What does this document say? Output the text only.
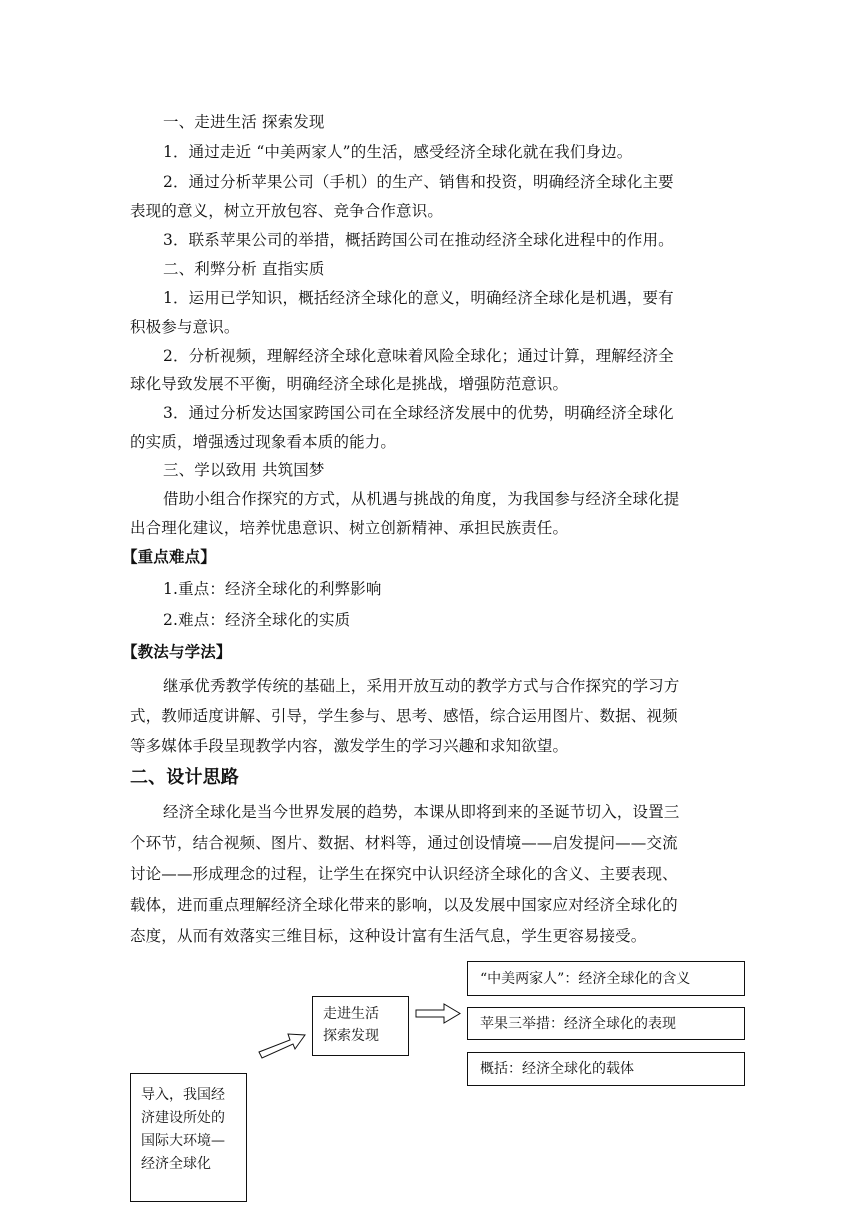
一、走进生活 探索发现
1．通过走近 “中美两家人”的生活，感受经济全球化就在我们身边。
2．通过分析苹果公司（手机）的生产、销售和投资，明确经济全球化主要
表现的意义，树立开放包容、竞争合作意识。
3．联系苹果公司的举措，概括跨国公司在推动经济全球化进程中的作用。
二、利弊分析 直指实质
1．运用已学知识，概括经济全球化的意义，明确经济全球化是机遇，要有
积极参与意识。
2．分析视频，理解经济全球化意味着风险全球化；通过计算，理解经济全
球化导致发展不平衡，明确经济全球化是挑战，增强防范意识。
3．通过分析发达国家跨国公司在全球经济发展中的优势，明确经济全球化
的实质，增强透过现象看本质的能力。
三、学以致用 共筑国梦
借助小组合作探究的方式，从机遇与挑战的角度，为我国参与经济全球化提
出合理化建议，培养忧患意识、树立创新精神、承担民族责任。
【重点难点】
1.重点：经济全球化的利弊影响
2.难点：经济全球化的实质
【教法与学法】
继承优秀教学传统的基础上，采用开放互动的教学方式与合作探究的学习方
式，教师适度讲解、引导，学生参与、思考、感悟，综合运用图片、数据、视频
等多媒体手段呈现教学内容，激发学生的学习兴趣和求知欲望。
二、设计思路
经济全球化是当今世界发展的趋势，本课从即将到来的圣诞节切入，设置三
个环节，结合视频、图片、数据、材料等，通过创设情境——启发提问——交流
讨论——形成理念的过程，让学生在探究中认识经济全球化的含义、主要表现、
载体，进而重点理解经济全球化带来的影响，以及发展中国家应对经济全球化的
态度，从而有效落实三维目标，这种设计富有生活气息，学生更容易接受。
“中美两家人”：经济全球化的含义
苹果三举措：经济全球化的表现
概括：经济全球化的载体
走进生活
探索发现
导入，我国经
济建设所处的
国际大环境—
经济全球化
